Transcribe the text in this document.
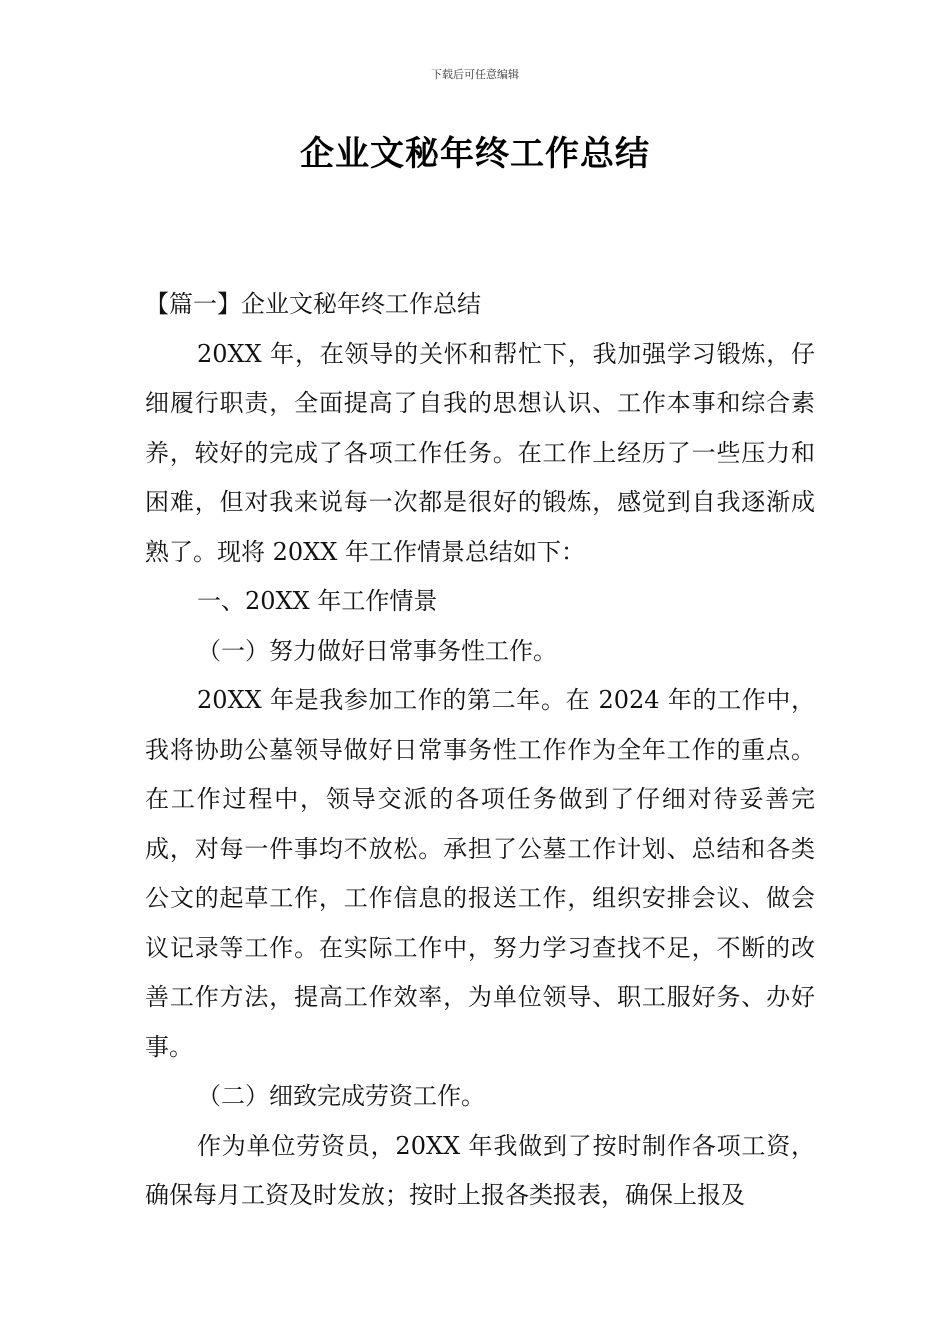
下载后可任意编辑
企业文秘年终工作总结

【篇一】企业文秘年终工作总结

20XX 年，在领导的关怀和帮忙下，我加强学习锻炼，仔细履行职责，全面提高了自我的思想认识、工作本事和综合素养，较好的完成了各项工作任务。在工作上经历了一些压力和困难，但对我来说每一次都是很好的锻炼，感觉到自我逐渐成熟了。现将 20XX 年工作情景总结如下：

一、20XX 年工作情景

（一）努力做好日常事务性工作。

20XX 年是我参加工作的第二年。在 2024 年的工作中，我将协助公墓领导做好日常事务性工作作为全年工作的重点。在工作过程中，领导交派的各项任务做到了仔细对待妥善完成，对每一件事均不放松。承担了公墓工作计划、总结和各类公文的起草工作，工作信息的报送工作，组织安排会议、做会议记录等工作。在实际工作中，努力学习查找不足，不断的改善工作方法，提高工作效率，为单位领导、职工服好务、办好事。

（二）细致完成劳资工作。

作为单位劳资员，20XX 年我做到了按时制作各项工资，确保每月工资及时发放；按时上报各类报表，确保上报及
